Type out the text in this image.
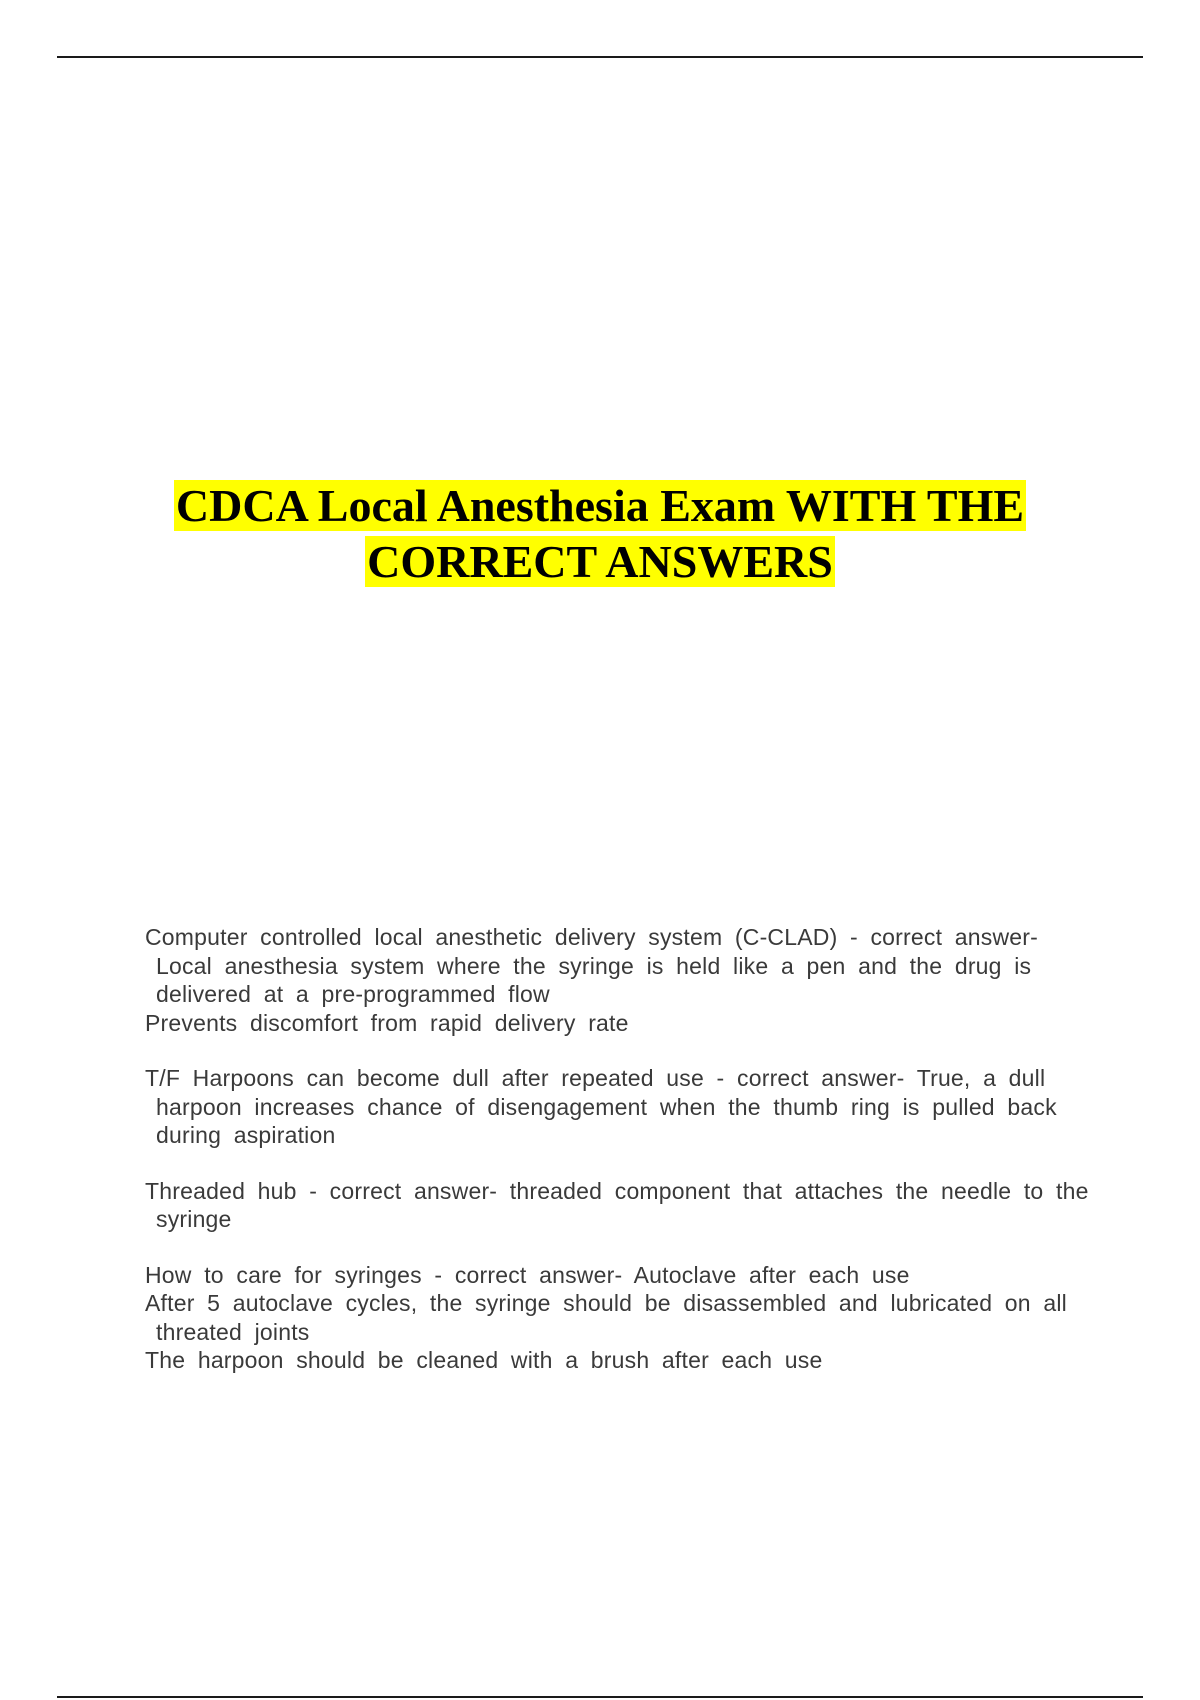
CDCA Local Anesthesia Exam WITH THE
CORRECT ANSWERS

Computer controlled local anesthetic delivery system (C-CLAD) - correct answer- Local anesthesia system where the syringe is held like a pen and the drug is delivered at a pre-programmed flow

Prevents discomfort from rapid delivery rate

T/F Harpoons can become dull after repeated use - correct answer- True, a dull harpoon increases chance of disengagement when the thumb ring is pulled back during aspiration

Threaded hub - correct answer- threaded component that attaches the needle to the syringe

How to care for syringes - correct answer- Autoclave after each use

After 5 autoclave cycles, the syringe should be disassembled and lubricated on all threated joints

The harpoon should be cleaned with a brush after each use
